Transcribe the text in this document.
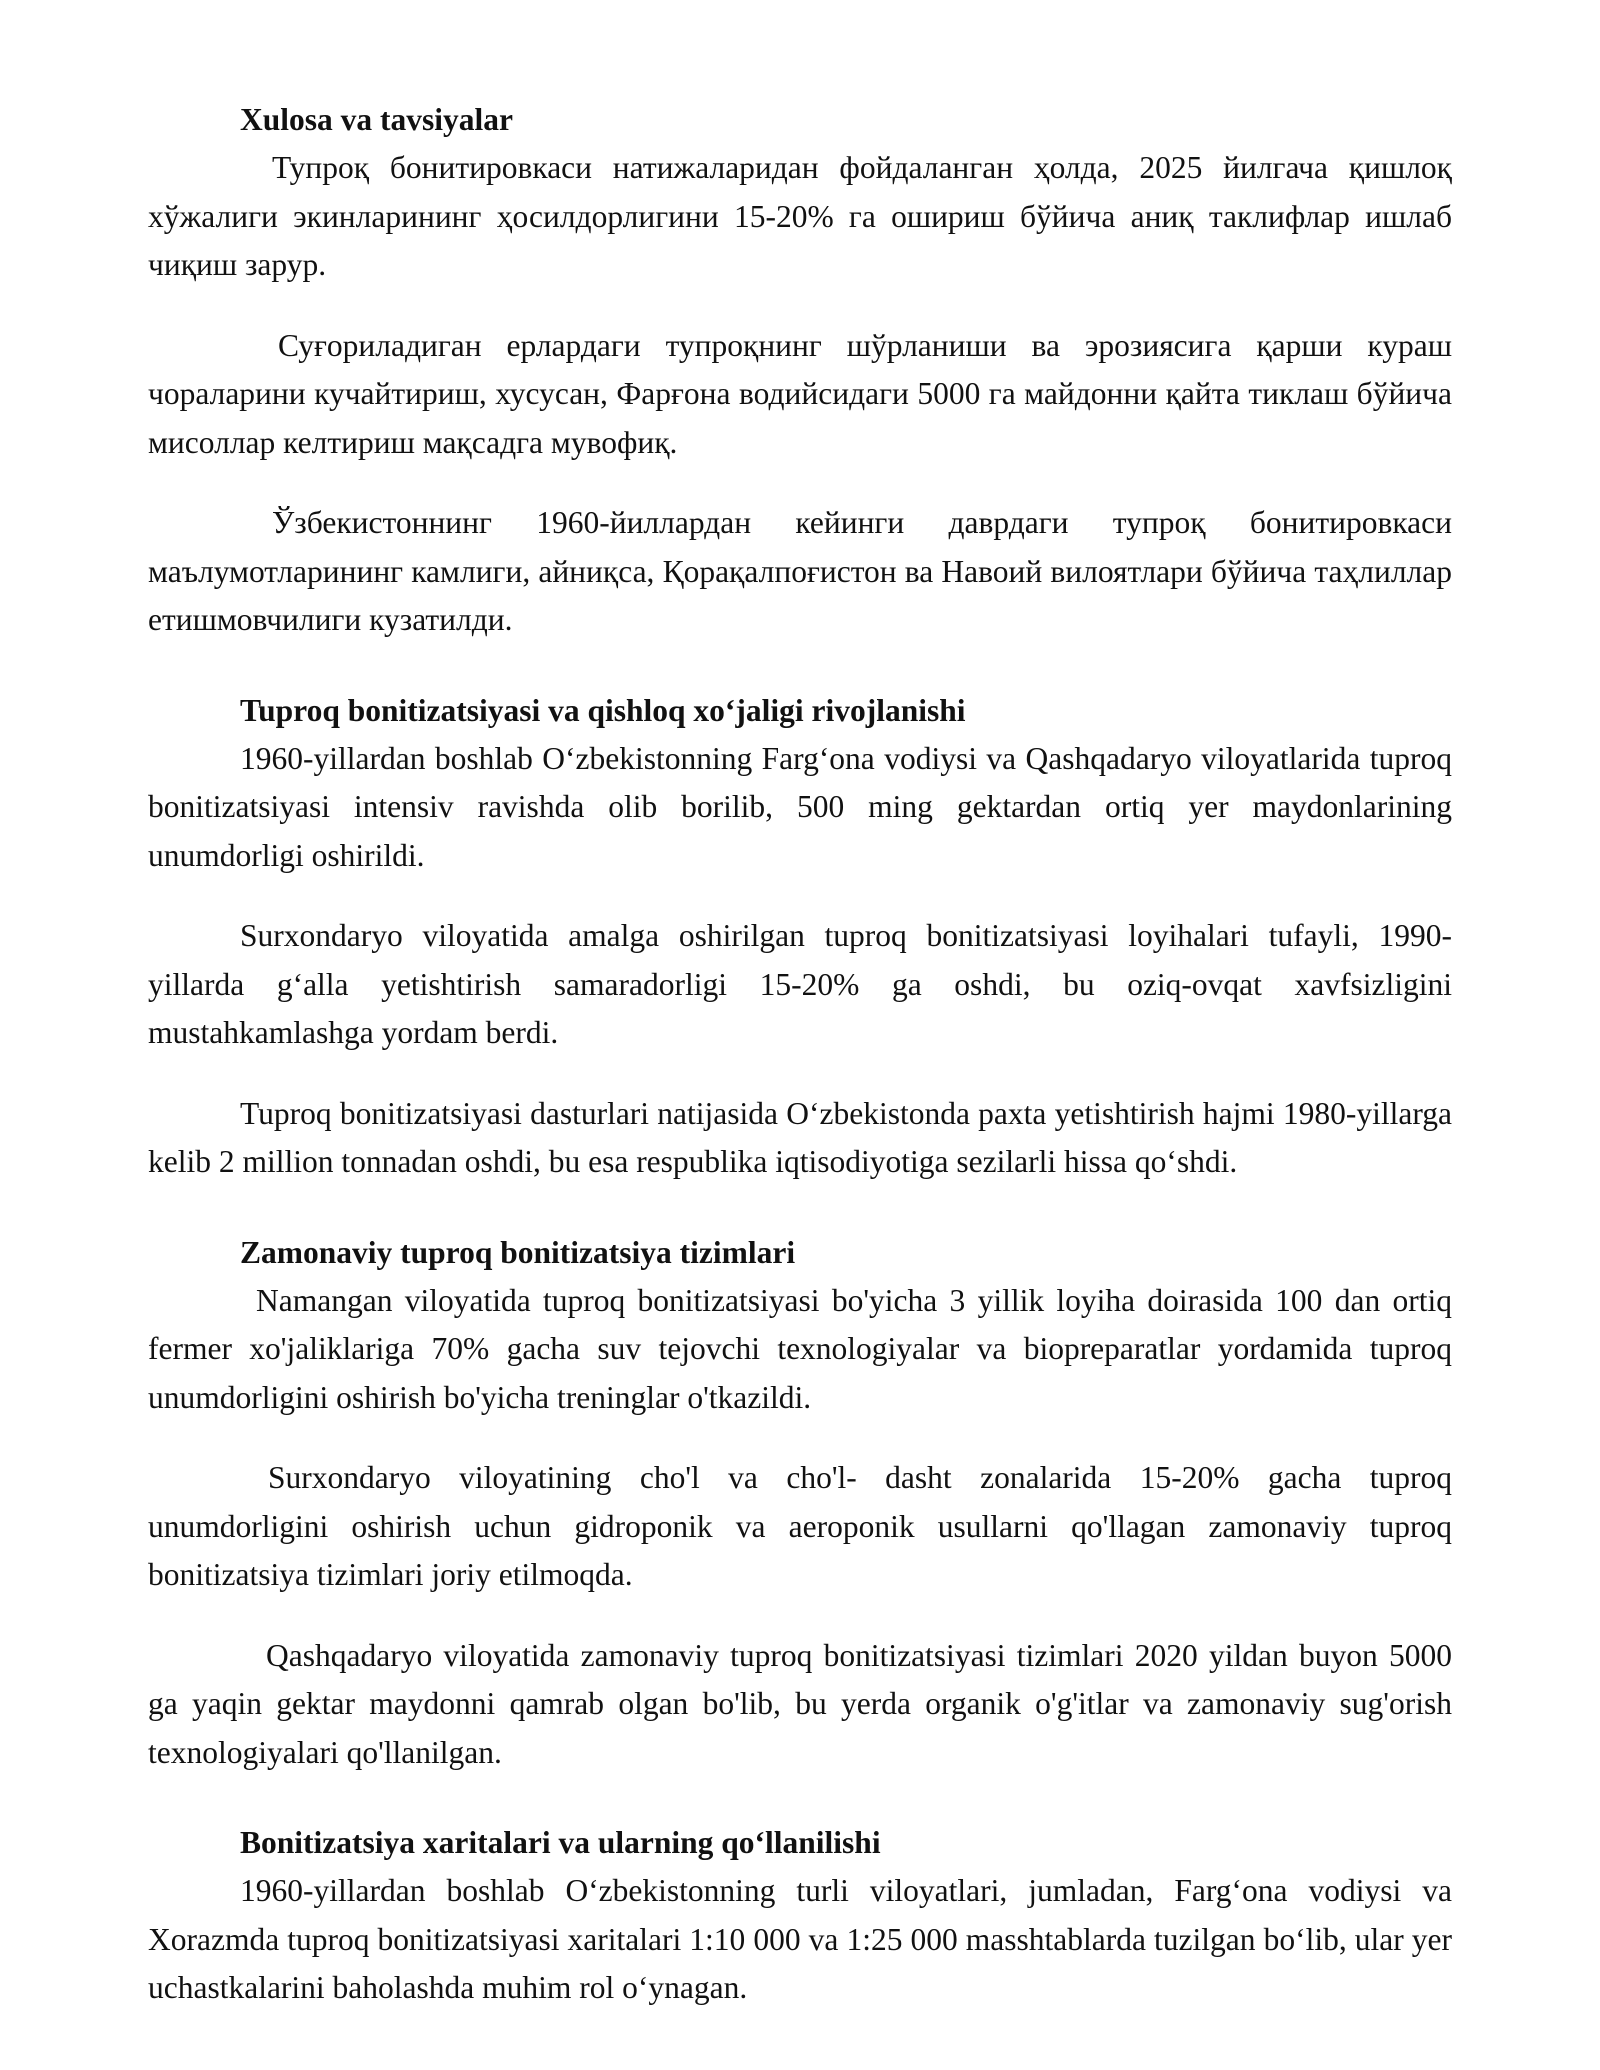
Xulosa va tavsiyalar

Тупроқ бонитировкаси натижаларидан фойдаланган ҳолда, 2025 йилгача қишлоқ хўжалиги экинларининг ҳосилдорлигини 15-20% га ошириш бўйича аниқ таклифлар ишлаб чиқиш зарур.

Суғориладиган ерлардаги тупроқнинг шўрланиши ва эрозиясига қарши кураш чораларини кучайтириш, хусусан, Фарғона водийсидаги 5000 га майдонни қайта тиклаш бўйича мисоллар келтириш мақсадга мувофиқ.

Ўзбекистоннинг 1960-йиллардан кейинги даврдаги тупроқ бонитировкаси маълумотларининг камлиги, айниқса, Қорақалпоғистон ва Навоий вилоятлари бўйича таҳлиллар етишмовчилиги кузатилди.

Tuproq bonitizatsiyasi va qishloq xo‘jaligi rivojlanishi

1960-yillardan boshlab O‘zbekistonning Farg‘ona vodiysi va Qashqadaryo viloyatlarida tuproq bonitizatsiyasi intensiv ravishda olib borilib, 500 ming gektardan ortiq yer maydonlarining unumdorligi oshirildi.

Surxondaryo viloyatida amalga oshirilgan tuproq bonitizatsiyasi loyihalari tufayli, 1990-yillarda g‘alla yetishtirish samaradorligi 15-20% ga oshdi, bu oziq-ovqat xavfsizligini mustahkamlashga yordam berdi.

Tuproq bonitizatsiyasi dasturlari natijasida O‘zbekistonda paxta yetishtirish hajmi 1980-yillarga kelib 2 million tonnadan oshdi, bu esa respublika iqtisodiyotiga sezilarli hissa qo‘shdi.

Zamonaviy tuproq bonitizatsiya tizimlari

Namangan viloyatida tuproq bonitizatsiyasi bo'yicha 3 yillik loyiha doirasida 100 dan ortiq fermer xo'jaliklariga 70% gacha suv tejovchi texnologiyalar va biopreparatlar yordamida tuproq unumdorligini oshirish bo'yicha treninglar o'tkazildi.

Surxondaryo viloyatining cho'l va cho'l- dasht zonalarida 15-20% gacha tuproq unumdorligini oshirish uchun gidroponik va aeroponik usullarni qo'llagan zamonaviy tuproq bonitizatsiya tizimlari joriy etilmoqda.

Qashqadaryo viloyatida zamonaviy tuproq bonitizatsiyasi tizimlari 2020 yildan buyon 5000 ga yaqin gektar maydonni qamrab olgan bo'lib, bu yerda organik o'g'itlar va zamonaviy sug'orish texnologiyalari qo'llanilgan.

Bonitizatsiya xaritalari va ularning qo‘llanilishi

1960-yillardan boshlab O‘zbekistonning turli viloyatlari, jumladan, Farg‘ona vodiysi va Xorazmda tuproq bonitizatsiyasi xaritalari 1:10 000 va 1:25 000 masshtablarda tuzilgan bo‘lib, ular yer uchastkalarini baholashda muhim rol o‘ynagan.
